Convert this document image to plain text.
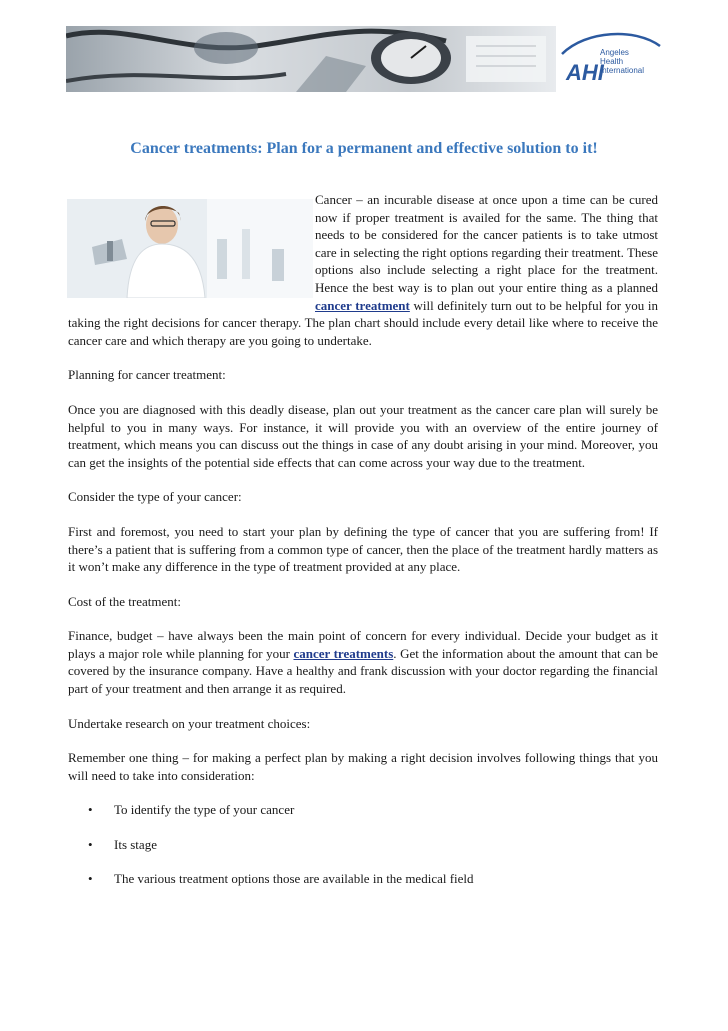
AHI
Angeles
Health
International
Cancer treatments: Plan for a permanent and effective solution to it!

Cancer – an incurable disease at once upon a time can be cured now if proper treatment is availed for the same. The thing that needs to be considered for the cancer patients is to take utmost care in selecting the right options regarding their treatment. These options also include selecting a right place for the treatment. Hence the best way is to plan out your entire thing as a planned cancer treatment will definitely turn out to be helpful for you in taking the right decisions for cancer therapy. The plan chart should include every detail like where to receive the cancer care and which therapy are you going to undertake.

Planning for cancer treatment:

Once you are diagnosed with this deadly disease, plan out your treatment as the cancer care plan will surely be helpful to you in many ways. For instance, it will provide you with an overview of the entire journey of treatment, which means you can discuss out the things in case of any doubt arising in your mind. Moreover, you can get the insights of the potential side effects that can come across your way due to the treatment.

Consider the type of your cancer:

First and foremost, you need to start your plan by defining the type of cancer that you are suffering from! If there’s a patient that is suffering from a common type of cancer, then the place of the treatment hardly matters as it won’t make any difference in the type of treatment provided at any place.

Cost of the treatment:

Finance, budget – have always been the main point of concern for every individual. Decide your budget as it plays a major role while planning for your cancer treatments. Get the information about the amount that can be covered by the insurance company. Have a healthy and frank discussion with your doctor regarding the financial part of your treatment and then arrange it as required.

Undertake research on your treatment choices:

Remember one thing – for making a perfect plan by making a right decision involves following things that you will need to take into consideration:

• To identify the type of your cancer
• Its stage
• The various treatment options those are available in the medical field
